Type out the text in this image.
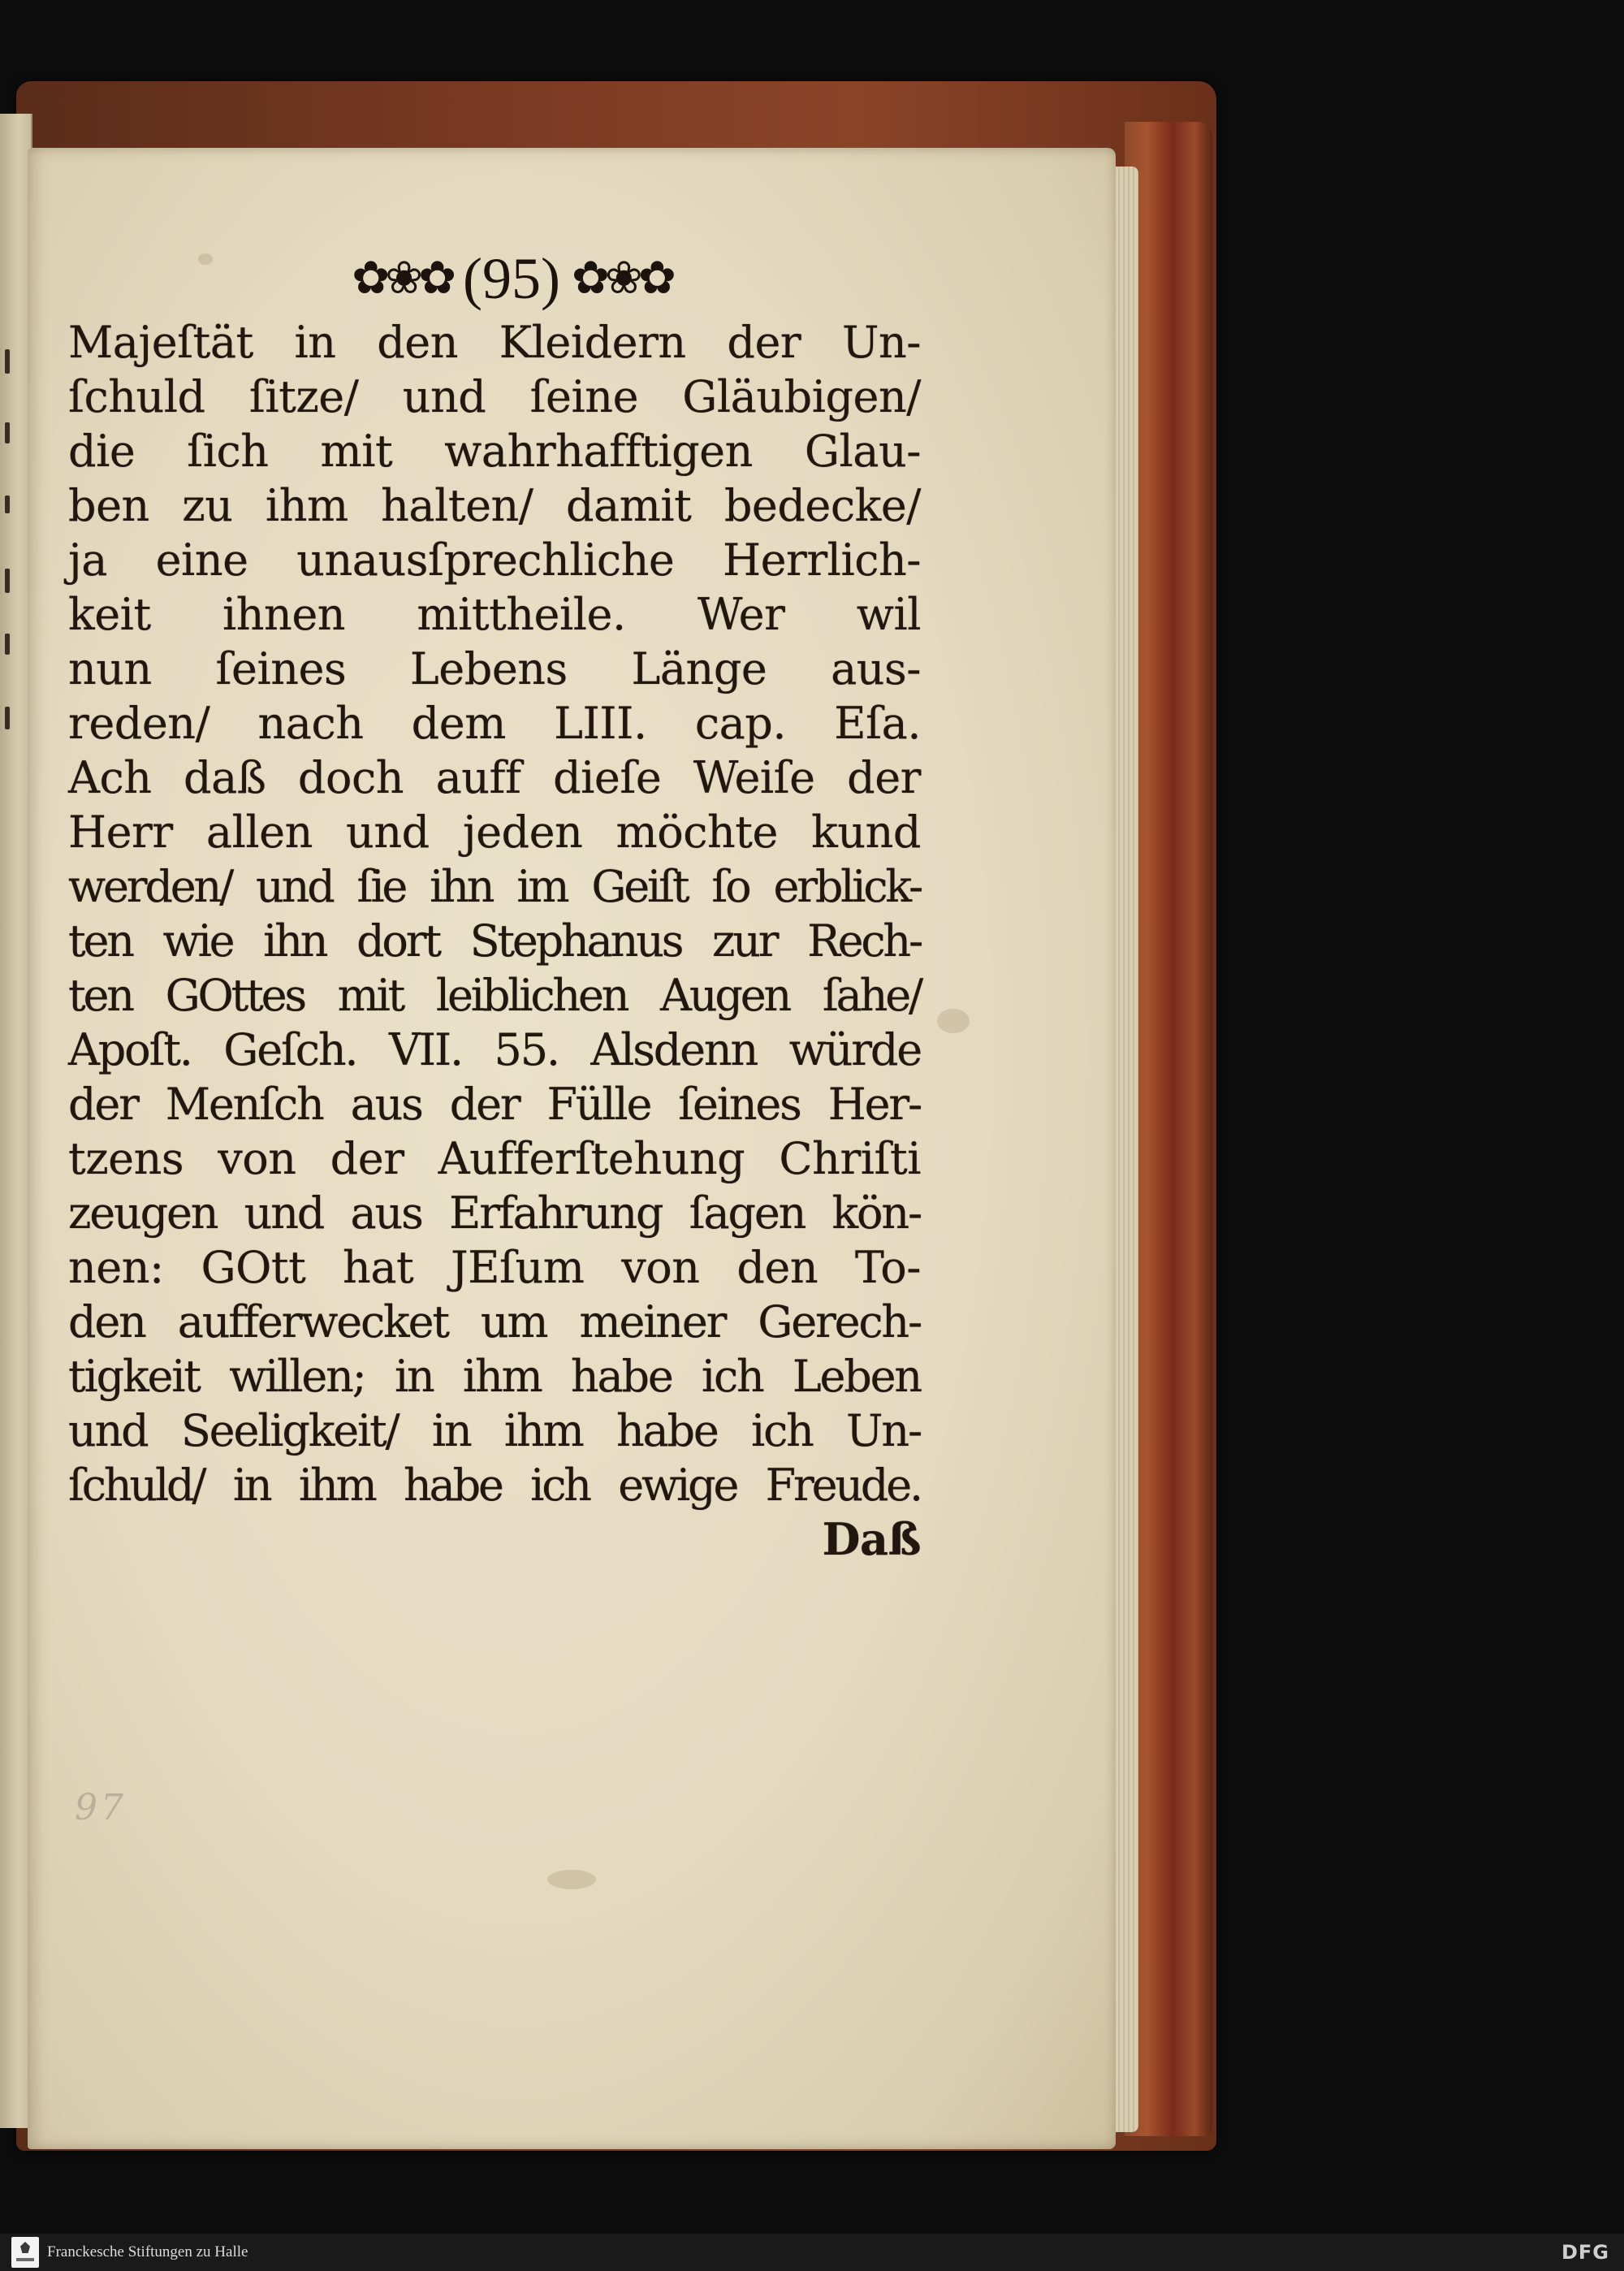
✿❀✿ (95) ✿❀✿

Majeſtät in den Kleidern der Un-

ſchuld ſitze/ und ſeine Gläubigen/

die ſich mit wahrhafftigen Glau-

ben zu ihm halten/ damit bedecke/

ja eine unausſprechliche Herrlich-

keit ihnen mittheile. Wer wil

nun ſeines Lebens Länge aus-

reden/ nach dem LIII. cap. Eſa.

Ach daß doch auff dieſe Weiſe der

Herr allen und jeden möchte kund

werden/ und ſie ihn im Geiſt ſo erblick-

ten wie ihn dort Stephanus zur Rech-

ten GOttes mit leiblichen Augen ſahe/

Apoſt. Geſch. VII. 55. Alsdenn würde

der Menſch aus der Fülle ſeines Her-

tzens von der Aufferſtehung Chriſti

zeugen und aus Erfahrung ſagen kön-

nen: GOtt hat JEſum von den To-

den aufferwecket um meiner Gerech-

tigkeit willen; in ihm habe ich Leben

und Seeligkeit/ in ihm habe ich Un-

ſchuld/ in ihm habe ich ewige Freude.

Daß

97
Franckesche Stiftungen zu Halle	DFG
